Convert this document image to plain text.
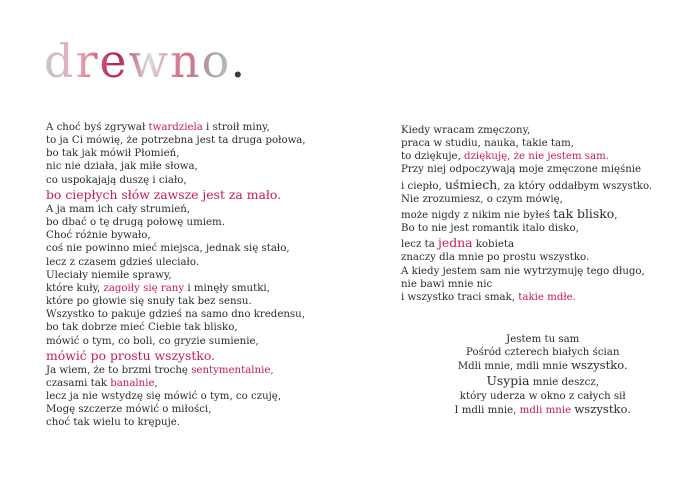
drewno.

A choć byś zgrywał twardziela i stroił miny,

to ja Ci mówię, że potrzebna jest ta druga połowa,

bo tak jak mówił Płomień,

nic nie działa, jak miłe słowa,

co uspokajają duszę i ciało,

bo ciepłych słów zawsze jest za mało.

A ja mam ich cały strumień,

bo dbać o tę drugą połowę umiem.

Choć różnie bywało,

coś nie powinno mieć miejsca, jednak się stało,

lecz z czasem gdzieś uleciało.

Uleciały niemiłe sprawy,

które kuły, zagoiły się rany i minęły smutki,

które po głowie się snuły tak bez sensu.

Wszystko to pakuje gdzieś na samo dno kredensu,

bo tak dobrze mieć Ciebie tak blisko,

mówić o tym, co boli, co gryzie sumienie,

mówić po prostu wszystko.

Ja wiem, że to brzmi trochę sentymentalnie,

czasami tak banalnie,

lecz ja nie wstydzę się mówić o tym, co czuję,

Mogę szczerze mówić o miłości,

choć tak wielu to krępuje.

Kiedy wracam zmęczony,

praca w studiu, nauka, takie tam,

to dziękuje, dziękuję, że nie jestem sam.

Przy niej odpoczywają moje zmęczone mięśnie

i ciepło, uśmiech, za który oddałbym wszystko.

Nie zrozumiesz, o czym mówię,

może nigdy z nikim nie byłeś tak blisko,

Bo to nie jest romantik italo disko,

lecz ta jedna kobieta

znaczy dla mnie po prostu wszystko.

A kiedy jestem sam nie wytrzymuję tego długo,

nie bawi mnie nic

i wszystko traci smak, takie mdłe.

Jestem tu sam

Pośród czterech białych ścian

Mdli mnie, mdli mnie wszystko.

Usypia mnie deszcz,

który uderza w okno z całych sił

I mdli mnie, mdli mnie wszystko.
